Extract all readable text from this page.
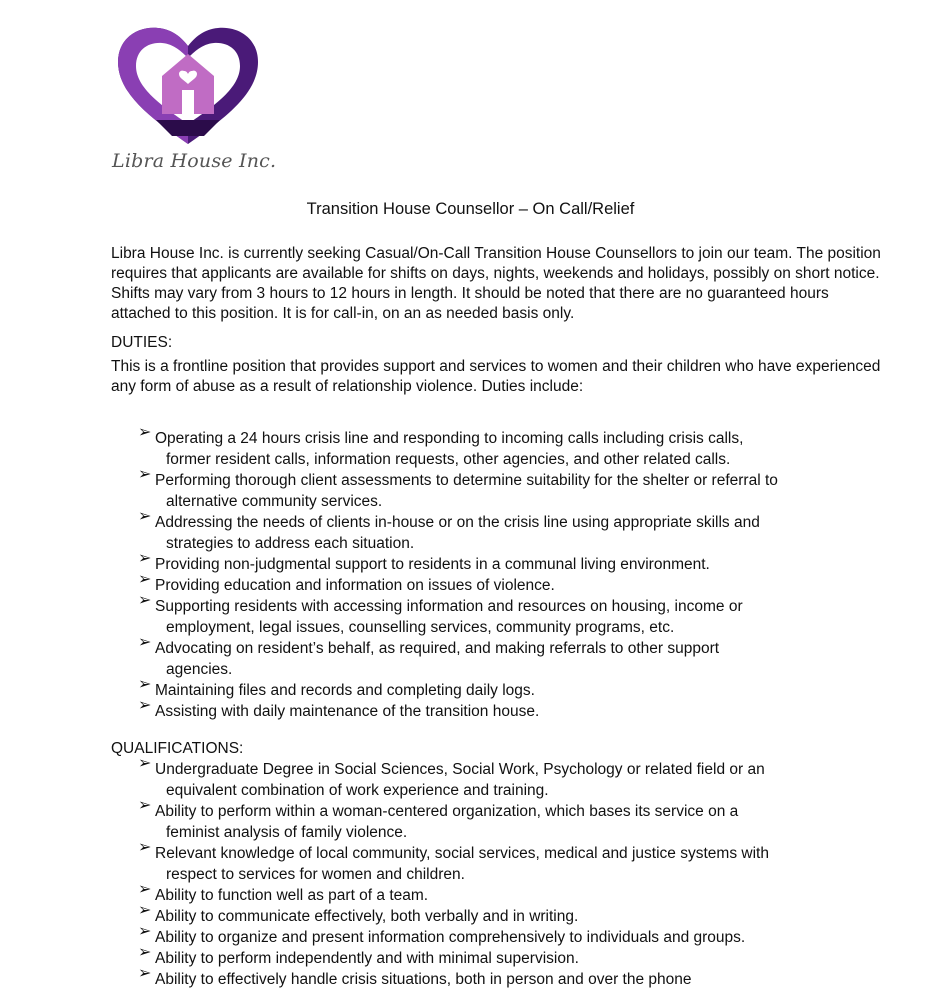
Libra House Inc.
Transition House Counsellor – On Call/Relief
Libra House Inc. is currently seeking Casual/On-Call Transition House Counsellors to join our team. The position requires that applicants are available for shifts on days, nights, weekends and holidays, possibly on short notice. Shifts may vary from 3 hours to 12 hours in length. It should be noted that there are no guaranteed hours attached to this position. It is for call-in, on an as needed basis only.
DUTIES:
This is a frontline position that provides support and services to women and their children who have experienced any form of abuse as a result of relationship violence. Duties include:
➢ Operating a 24 hours crisis line and responding to incoming calls including crisis calls,
former resident calls, information requests, other agencies, and other related calls.
➢ Performing thorough client assessments to determine suitability for the shelter or referral to
alternative community services.
➢ Addressing the needs of clients in-house or on the crisis line using appropriate skills and
strategies to address each situation.
➢ Providing non-judgmental support to residents in a communal living environment.
➢ Providing education and information on issues of violence.
➢ Supporting residents with accessing information and resources on housing, income or
employment, legal issues, counselling services, community programs, etc.
➢ Advocating on resident’s behalf, as required, and making referrals to other support
agencies.
➢ Maintaining files and records and completing daily logs.
➢ Assisting with daily maintenance of the transition house.
QUALIFICATIONS:
➢ Undergraduate Degree in Social Sciences, Social Work, Psychology or related field or an
equivalent combination of work experience and training.
➢ Ability to perform within a woman-centered organization, which bases its service on a
feminist analysis of family violence.
➢ Relevant knowledge of local community, social services, medical and justice systems with
respect to services for women and children.
➢ Ability to function well as part of a team.
➢ Ability to communicate effectively, both verbally and in writing.
➢ Ability to organize and present information comprehensively to individuals and groups.
➢ Ability to perform independently and with minimal supervision.
➢ Ability to effectively handle crisis situations, both in person and over the phone
